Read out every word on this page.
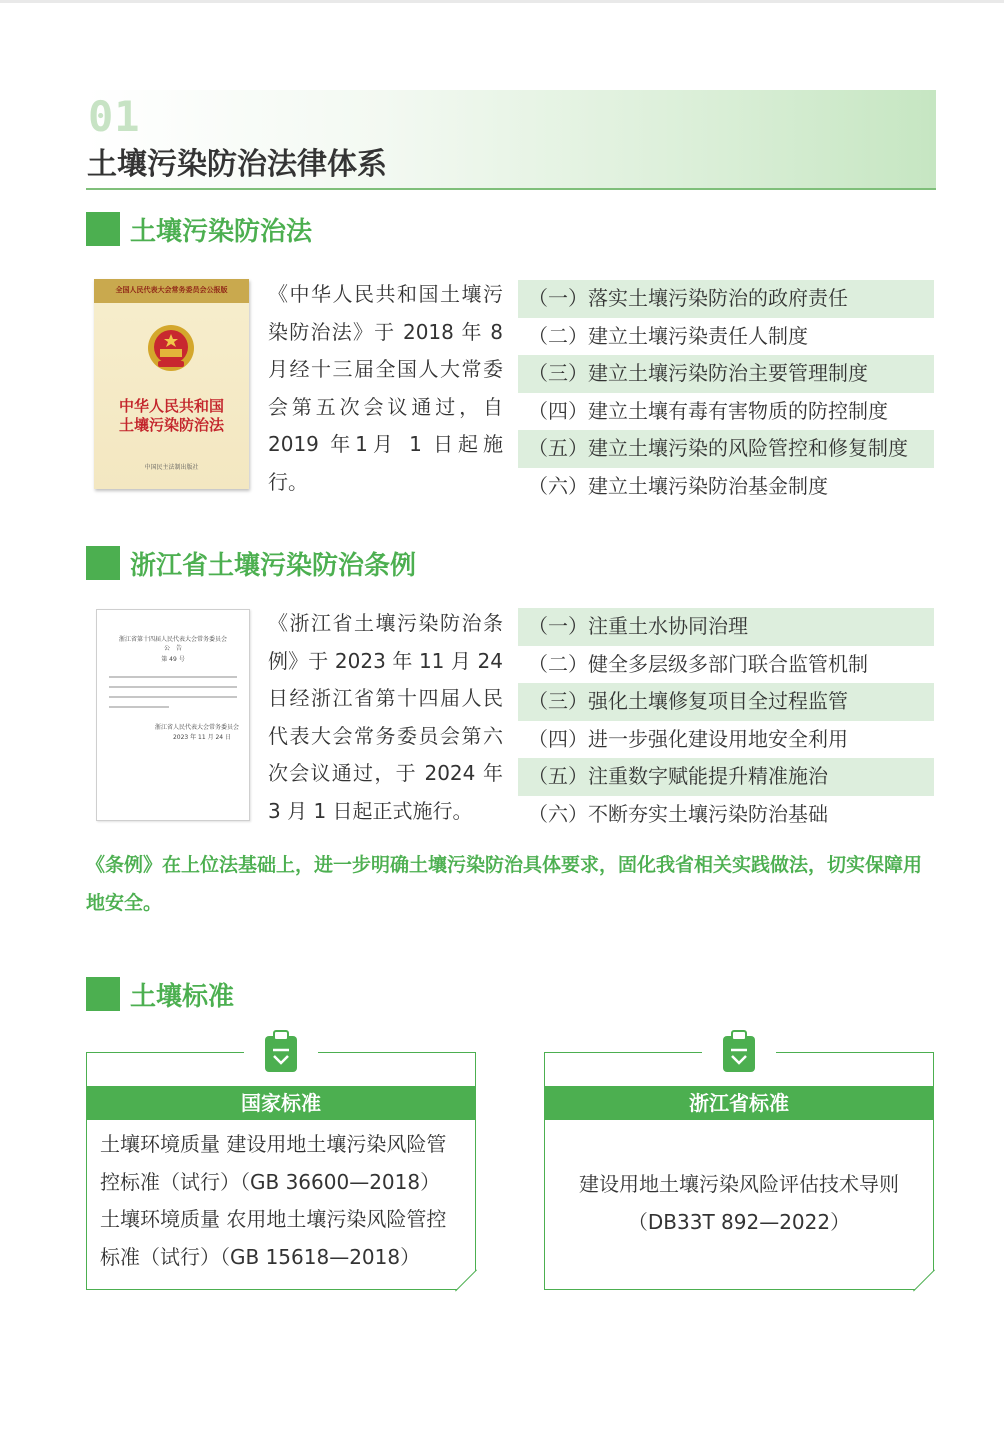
01
土壤污染防治法律体系
土壤污染防治法
全国人民代表大会常务委员会公报版
中华人民共和国
土壤污染防治法
中国民主法制出版社

《中华人民共和国土壤污染防治法》于 2018 年 8 月经十三届全国人大常委会第五次会议通过，自 2019 年1月 1 日起施行。

（一）落实土壤污染防治的政府责任
（二）建立土壤污染责任人制度
（三）建立土壤污染防治主要管理制度
（四）建立土壤有毒有害物质的防控制度
（五）建立土壤污染的风险管控和修复制度
（六）建立土壤污染防治基金制度
浙江省土壤污染防治条例
浙江省第十四届人民代表大会常务委员会
公　告
第 49 号
浙江省人民代表大会常务委员会
2023 年 11 月 24 日

《浙江省土壤污染防治条例》于 2023 年 11 月 24 日经浙江省第十四届人民代表大会常务委员会第六次会议通过，于 2024 年 3 月 1 日起正式施行。

（一）注重土水协同治理
（二）健全多层级多部门联合监管机制
（三）强化土壤修复项目全过程监管
（四）进一步强化建设用地安全利用
（五）注重数字赋能提升精准施治
（六）不断夯实土壤污染防治基础

《条例》在上位法基础上，进一步明确土壤污染防治具体要求，固化我省相关实践做法，切实保障用地安全。

土壤标准
国家标准
土壤环境质量 建设用地土壤污染风险管控标准（试行）（GB 36600—2018）
土壤环境质量 农用地土壤污染风险管控标准（试行）（GB 15618—2018）
浙江省标准
建设用地土壤污染风险评估技术导则（DB33T 892—2022）
